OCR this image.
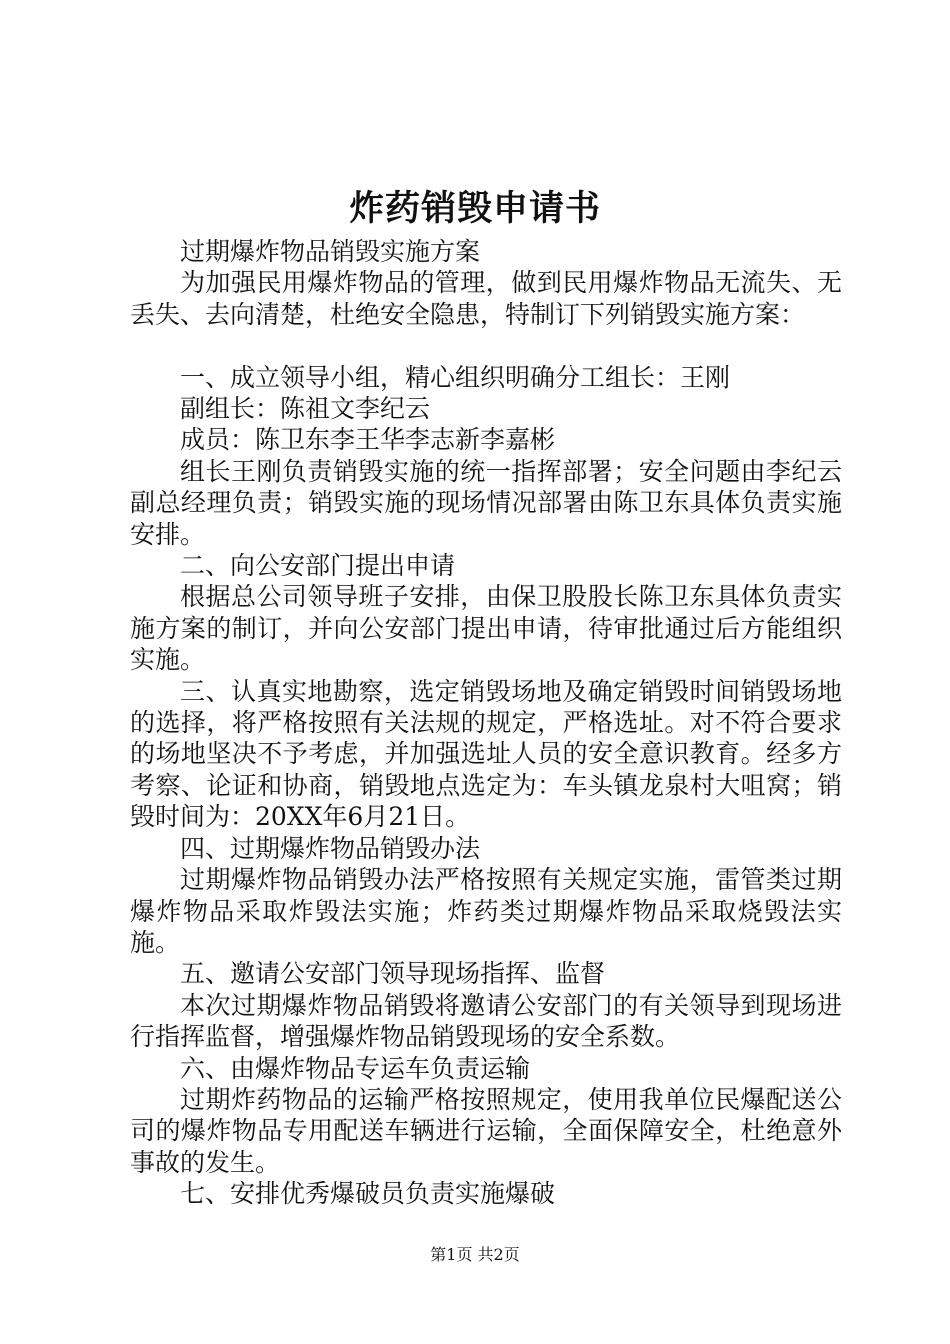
炸药销毁申请书

过期爆炸物品销毁实施方案

为加强民用爆炸物品的管理，做到民用爆炸物品无流失、无丢失、去向清楚，杜绝安全隐患，特制订下列销毁实施方案：

一、成立领导小组，精心组织明确分工组长：王刚

副组长：陈祖文李纪云

成员：陈卫东李王华李志新李嘉彬

组长王刚负责销毁实施的统一指挥部署；安全问题由李纪云副总经理负责；销毁实施的现场情况部署由陈卫东具体负责实施安排。

二、向公安部门提出申请

根据总公司领导班子安排，由保卫股股长陈卫东具体负责实施方案的制订，并向公安部门提出申请，待审批通过后方能组织实施。

三、认真实地勘察，选定销毁场地及确定销毁时间销毁场地的选择，将严格按照有关法规的规定，严格选址。对不符合要求的场地坚决不予考虑，并加强选址人员的安全意识教育。经多方考察、论证和协商，销毁地点选定为：车头镇龙泉村大咀窝；销毁时间为：20XX年6月21日。

四、过期爆炸物品销毁办法

过期爆炸物品销毁办法严格按照有关规定实施，雷管类过期爆炸物品采取炸毁法实施；炸药类过期爆炸物品采取烧毁法实施。

五、邀请公安部门领导现场指挥、监督

本次过期爆炸物品销毁将邀请公安部门的有关领导到现场进行指挥监督，增强爆炸物品销毁现场的安全系数。

六、由爆炸物品专运车负责运输

过期炸药物品的运输严格按照规定，使用我单位民爆配送公司的爆炸物品专用配送车辆进行运输，全面保障安全，杜绝意外事故的发生。

七、安排优秀爆破员负责实施爆破

第1页 共2页
